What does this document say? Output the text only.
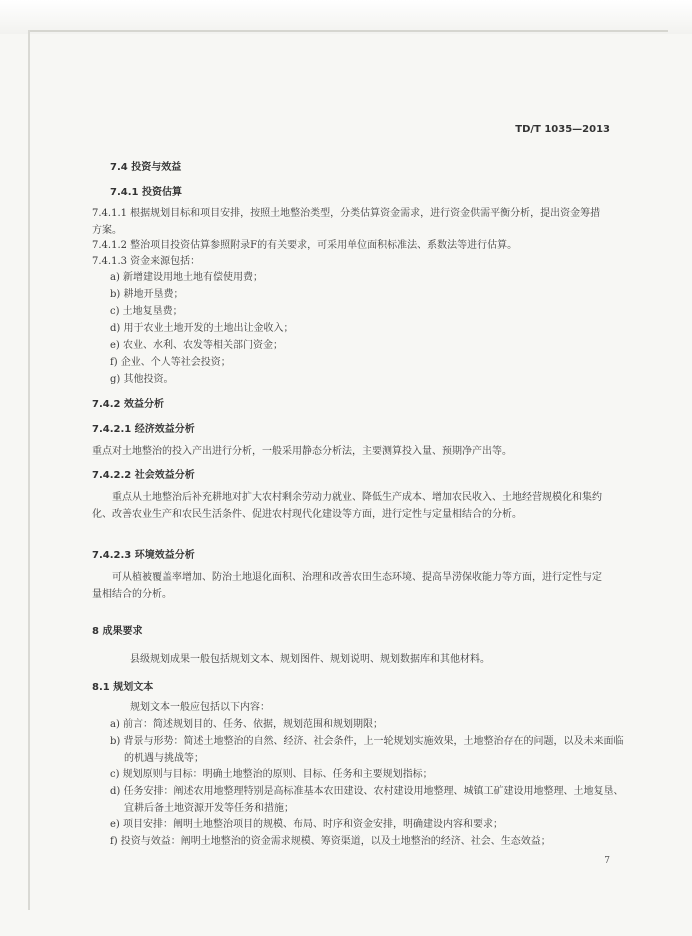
TD/T 1035—2013

7.4 投资与效益

7.4.1 投资估算

7.4.1.1 根据规划目标和项目安排，按照土地整治类型，分类估算资金需求，进行资金供需平衡分析，提出资金筹措方案。

7.4.1.2 整治项目投资估算参照附录F的有关要求，可采用单位面积标准法、系数法等进行估算。

7.4.1.3 资金来源包括：

a) 新增建设用地土地有偿使用费；

b) 耕地开垦费；

c) 土地复垦费；

d) 用于农业土地开发的土地出让金收入；

e) 农业、水利、农发等相关部门资金；

f) 企业、个人等社会投资；

g) 其他投资。

7.4.2 效益分析

7.4.2.1 经济效益分析

重点对土地整治的投入产出进行分析，一般采用静态分析法，主要测算投入量、预期净产出等。

7.4.2.2 社会效益分析

重点从土地整治后补充耕地对扩大农村剩余劳动力就业、降低生产成本、增加农民收入、土地经营规模化和集约化、改善农业生产和农民生活条件、促进农村现代化建设等方面，进行定性与定量相结合的分析。

7.4.2.3 环境效益分析

可从植被覆盖率增加、防治土地退化面积、治理和改善农田生态环境、提高旱涝保收能力等方面，进行定性与定量相结合的分析。

8 成果要求

县级规划成果一般包括规划文本、规划图件、规划说明、规划数据库和其他材料。

8.1 规划文本

规划文本一般应包括以下内容：

a) 前言：简述规划目的、任务、依据，规划范围和规划期限；

b) 背景与形势：简述土地整治的自然、经济、社会条件，上一轮规划实施效果，土地整治存在的问题，以及未来面临的机遇与挑战等；

c) 规划原则与目标：明确土地整治的原则、目标、任务和主要规划指标；

d) 任务安排：阐述农用地整理特别是高标准基本农田建设、农村建设用地整理、城镇工矿建设用地整理、土地复垦、宜耕后备土地资源开发等任务和措施；

e) 项目安排：阐明土地整治项目的规模、布局、时序和资金安排，明确建设内容和要求；

f) 投资与效益：阐明土地整治的资金需求规模、筹资渠道，以及土地整治的经济、社会、生态效益；

7
